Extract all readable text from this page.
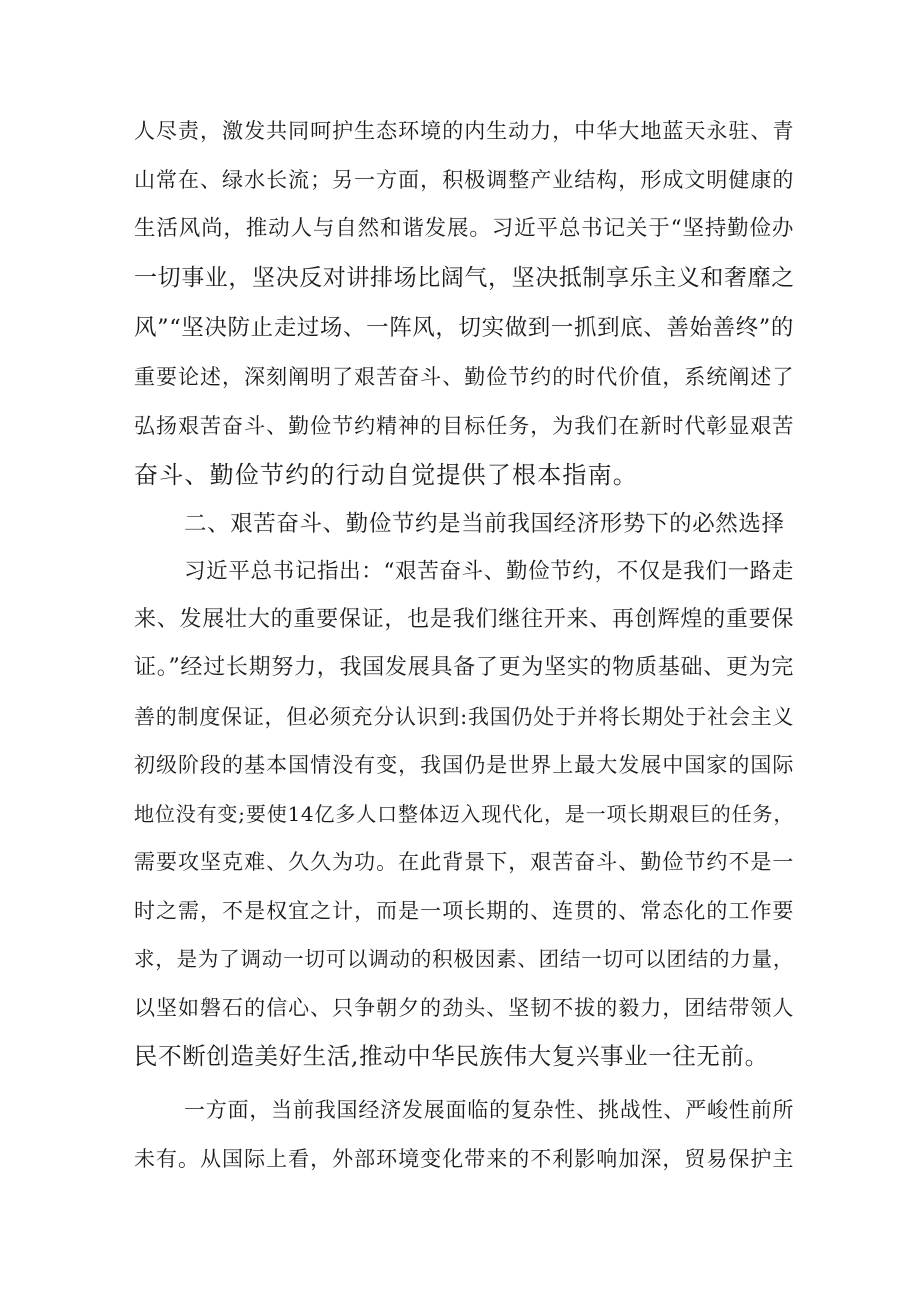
人尽责，激发共同呵护生态环境的内生动力，中华大地蓝天永驻、青
山常在、绿水长流；另一方面，积极调整产业结构，形成文明健康的
生活风尚，推动人与自然和谐发展。习近平总书记关于“坚持勤俭办
一切事业，坚决反对讲排场比阔气，坚决抵制享乐主义和奢靡之
风”“坚决防止走过场、一阵风，切实做到一抓到底、善始善终”的
重要论述，深刻阐明了艰苦奋斗、勤俭节约的时代价值，系统阐述了
弘扬艰苦奋斗、勤俭节约精神的目标任务，为我们在新时代彰显艰苦
奋斗、勤俭节约的行动自觉提供了根本指南。
二、艰苦奋斗、勤俭节约是当前我国经济形势下的必然选择
习近平总书记指出：“艰苦奋斗、勤俭节约，不仅是我们一路走
来、发展壮大的重要保证，也是我们继往开来、再创辉煌的重要保
证。”经过长期努力，我国发展具备了更为坚实的物质基础、更为完
善的制度保证，但必须充分认识到:我国仍处于并将长期处于社会主义
初级阶段的基本国情没有变，我国仍是世界上最大发展中国家的国际
地位没有变;要使14亿多人口整体迈入现代化，是一项长期艰巨的任务，
需要攻坚克难、久久为功。在此背景下，艰苦奋斗、勤俭节约不是一
时之需，不是权宜之计，而是一项长期的、连贯的、常态化的工作要
求，是为了调动一切可以调动的积极因素、团结一切可以团结的力量，
以坚如磐石的信心、只争朝夕的劲头、坚韧不拔的毅力，团结带领人
民不断创造美好生活,推动中华民族伟大复兴事业一往无前。
一方面，当前我国经济发展面临的复杂性、挑战性、严峻性前所
未有。从国际上看，外部环境变化带来的不利影响加深，贸易保护主
